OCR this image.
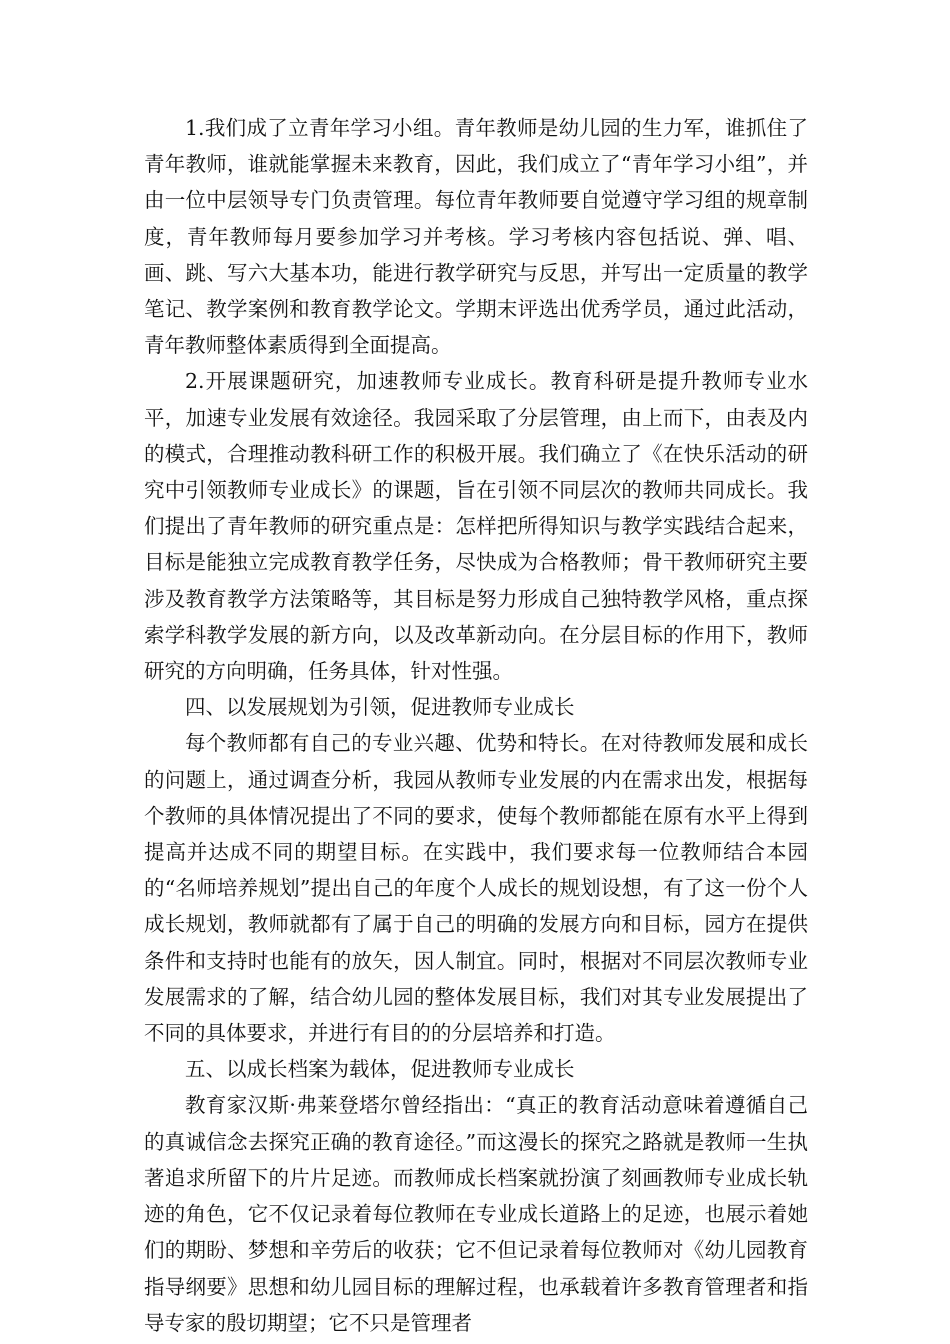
1.我们成了立青年学习小组。青年教师是幼儿园的生力军，谁抓住了青年教师，谁就能掌握未来教育，因此，我们成立了“青年学习小组”，并由一位中层领导专门负责管理。每位青年教师要自觉遵守学习组的规章制度，青年教师每月要参加学习并考核。学习考核内容包括说、弹、唱、画、跳、写六大基本功，能进行教学研究与反思，并写出一定质量的教学笔记、教学案例和教育教学论文。学期末评选出优秀学员，通过此活动，青年教师整体素质得到全面提高。

2.开展课题研究，加速教师专业成长。教育科研是提升教师专业水平，加速专业发展有效途径。我园采取了分层管理，由上而下，由表及内的模式，合理推动教科研工作的积极开展。我们确立了《在快乐活动的研究中引领教师专业成长》的课题，旨在引领不同层次的教师共同成长。我们提出了青年教师的研究重点是：怎样把所得知识与教学实践结合起来，目标是能独立完成教育教学任务，尽快成为合格教师；骨干教师研究主要涉及教育教学方法策略等，其目标是努力形成自己独特教学风格，重点探索学科教学发展的新方向，以及改革新动向。在分层目标的作用下，教师研究的方向明确，任务具体，针对性强。

四、以发展规划为引领，促进教师专业成长

每个教师都有自己的专业兴趣、优势和特长。在对待教师发展和成长的问题上，通过调查分析，我园从教师专业发展的内在需求出发，根据每个教师的具体情况提出了不同的要求，使每个教师都能在原有水平上得到提高并达成不同的期望目标。在实践中，我们要求每一位教师结合本园的“名师培养规划”提出自己的年度个人成长的规划设想，有了这一份个人成长规划，教师就都有了属于自己的明确的发展方向和目标，园方在提供条件和支持时也能有的放矢，因人制宜。同时，根据对不同层次教师专业发展需求的了解，结合幼儿园的整体发展目标，我们对其专业发展提出了不同的具体要求，并进行有目的的分层培养和打造。

五、以成长档案为载体，促进教师专业成长

教育家汉斯·弗莱登塔尔曾经指出：“真正的教育活动意味着遵循自己的真诚信念去探究正确的教育途径。”而这漫长的探究之路就是教师一生执著追求所留下的片片足迹。而教师成长档案就扮演了刻画教师专业成长轨迹的角色，它不仅记录着每位教师在专业成长道路上的足迹，也展示着她们的期盼、梦想和辛劳后的收获；它不但记录着每位教师对《幼儿园教育指导纲要》思想和幼儿园目标的理解过程，也承载着许多教育管理者和指导专家的殷切期望；它不只是管理者
